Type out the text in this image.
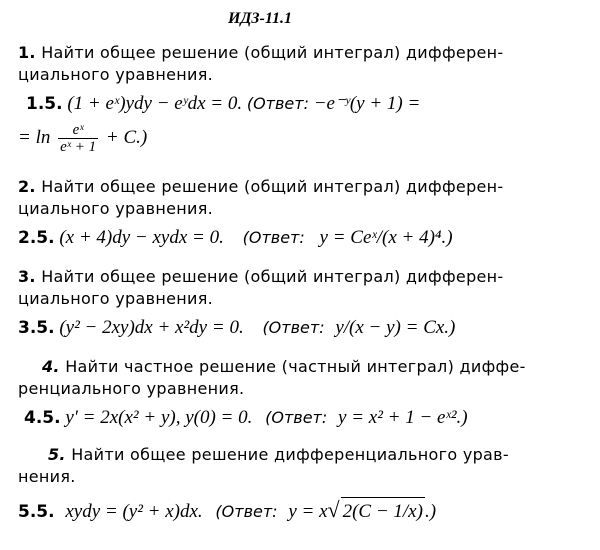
ИДЗ-11.1
1. Найти общее решение (общий интеграл) дифферен-
циального уравнения.
1.5. (1 + eˣ)ydy − eʸdx = 0. (Ответ: −e⁻ʸ(y + 1) =
= $\ln \frac{\text{eˣ}}{\text{eˣ + 1}} + C$.)
2. Найти общее решение (общий интеграл) дифферен-
циального уравнения.
2.5. (x + 4)dy − xydx = 0. (Ответ: y = Ceˣ/(x + 4)⁴.)
3. Найти общее решение (общий интеграл) дифферен-
циального уравнения.
3.5. (y² − 2xy)dx + x²dy = 0. (Ответ: y/(x − y) = Cx.)
4. Найти частное решение (частный интеграл) диффе-
ренциального уравнения.
4.5. y′ = 2x(x² + y), y(0) = 0. (Ответ: y = x² + 1 − eˣ².)
5. Найти общее решение дифференциального урав-
нения.
5.5. xydy = (y² + x)dx. (Ответ: y = x√ 2(C − 1/x) .)
